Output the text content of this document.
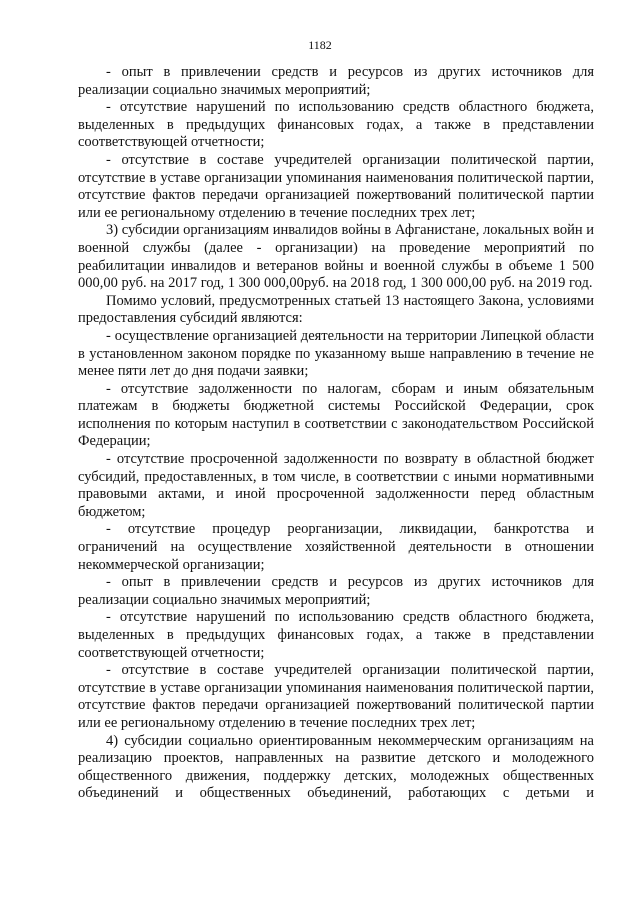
1182

- опыт в привлечении средств и ресурсов из других источников для реализации социально значимых мероприятий;

- отсутствие нарушений по использованию средств областного бюджета, выделенных в предыдущих финансовых годах, а также в представлении соответствующей отчетности;

- отсутствие в составе учредителей организации политической партии, отсутствие в уставе организации упоминания наименования политической партии, отсутствие фактов передачи организацией пожертвований политической партии или ее региональному отделению в течение последних трех лет;

3) субсидии организациям инвалидов войны в Афганистане, локальных войн и военной службы (далее - организации) на проведение мероприятий по реабилитации инвалидов и ветеранов войны и военной службы в объеме 1 500 000,00 руб. на 2017 год, 1 300 000,00руб. на 2018 год, 1 300 000,00 руб. на 2019 год.

Помимо условий, предусмотренных статьей 13 настоящего Закона, условиями предоставления субсидий являются:

- осуществление организацией деятельности на территории Липецкой области в установленном законом порядке по указанному выше направлению в течение не менее пяти лет до дня подачи заявки;

- отсутствие задолженности по налогам, сборам и иным обязательным платежам в бюджеты бюджетной системы Российской Федерации, срок исполнения по которым наступил в соответствии с законодательством Российской Федерации;

- отсутствие просроченной задолженности по возврату в областной бюджет субсидий, предоставленных, в том числе, в соответствии с иными нормативными правовыми актами, и иной просроченной задолженности перед областным бюджетом;

- отсутствие процедур реорганизации, ликвидации, банкротства и ограничений на осуществление хозяйственной деятельности в отношении некоммерческой организации;

- опыт в привлечении средств и ресурсов из других источников для реализации социально значимых мероприятий;

- отсутствие нарушений по использованию средств областного бюджета, выделенных в предыдущих финансовых годах, а также в представлении соответствующей отчетности;

- отсутствие в составе учредителей организации политической партии, отсутствие в уставе организации упоминания наименования политической партии, отсутствие фактов передачи организацией пожертвований политической партии или ее региональному отделению в течение последних трех лет;

4) субсидии социально ориентированным некоммерческим организациям на реализацию проектов, направленных на развитие детского и молодежного общественного движения, поддержку детских, молодежных общественных объединений и общественных объединений, работающих с детьми и
